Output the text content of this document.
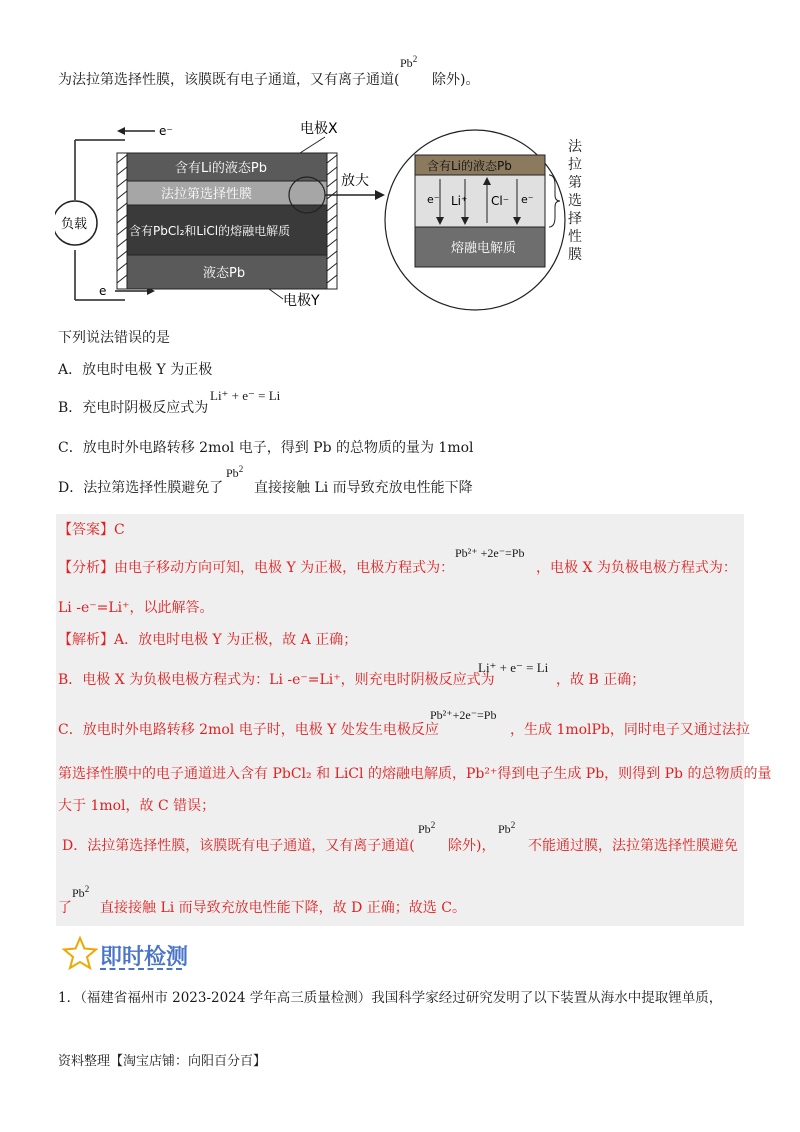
为法拉第选择性膜，该膜既有电子通道，又有离子通道(
Pb$^2$
除外)。
e⁻
e
负载
含有Li的液态Pb
法拉第选择性膜
含有PbCl₂和LiCl的熔融电解质
液态Pb
电极X
电极Y
放大
含有Li的液态Pb
熔融电解质
e⁻ Li⁺ Cl⁻ e⁻
法拉第选择性膜
下列说法错误的是
A．放电时电极 Y 为正极
B．充电时阴极反应式为
Li⁺ + e⁻ = Li
C．放电时外电路转移 2mol 电子，得到 Pb 的总物质的量为 1mol
D．法拉第选择性膜避免了
Pb$^2$
直接接触 Li 而导致充放电性能下降
【答案】C
【分析】由电子移动方向可知，电极 Y 为正极，电极方程式为：
Pb²⁺ +2e⁻=Pb
，电极 X 为负极电极方程式为：
Li -e⁻=Li⁺，以此解答。
【解析】A．放电时电极 Y 为正极，故 A 正确；
B．电极 X 为负极电极方程式为：Li -e⁻=Li⁺，则充电时阴极反应式为
Li⁺ + e⁻ = Li
，故 B 正确；
C．放电时外电路转移 2mol 电子时，电极 Y 处发生电极反应
Pb²⁺+2e⁻=Pb
，生成 1molPb，同时电子又通过法拉
第选择性膜中的电子通道进入含有 PbCl₂ 和 LiCl 的熔融电解质，Pb²⁺得到电子生成 Pb，则得到 Pb 的总物质的量
大于 1mol，故 C 错误；
D．法拉第选择性膜，该膜既有电子通道，又有离子通道(
Pb$^2$
除外)，
Pb$^2$
不能通过膜，法拉第选择性膜避免
了
Pb$^2$
直接接触 Li 而导致充放电性能下降，故 D 正确；故选 C。
即时检测
1．（福建省福州市 2023-2024 学年高三质量检测）我国科学家经过研究发明了以下装置从海水中提取锂单质，
资料整理【淘宝店铺：向阳百分百】
